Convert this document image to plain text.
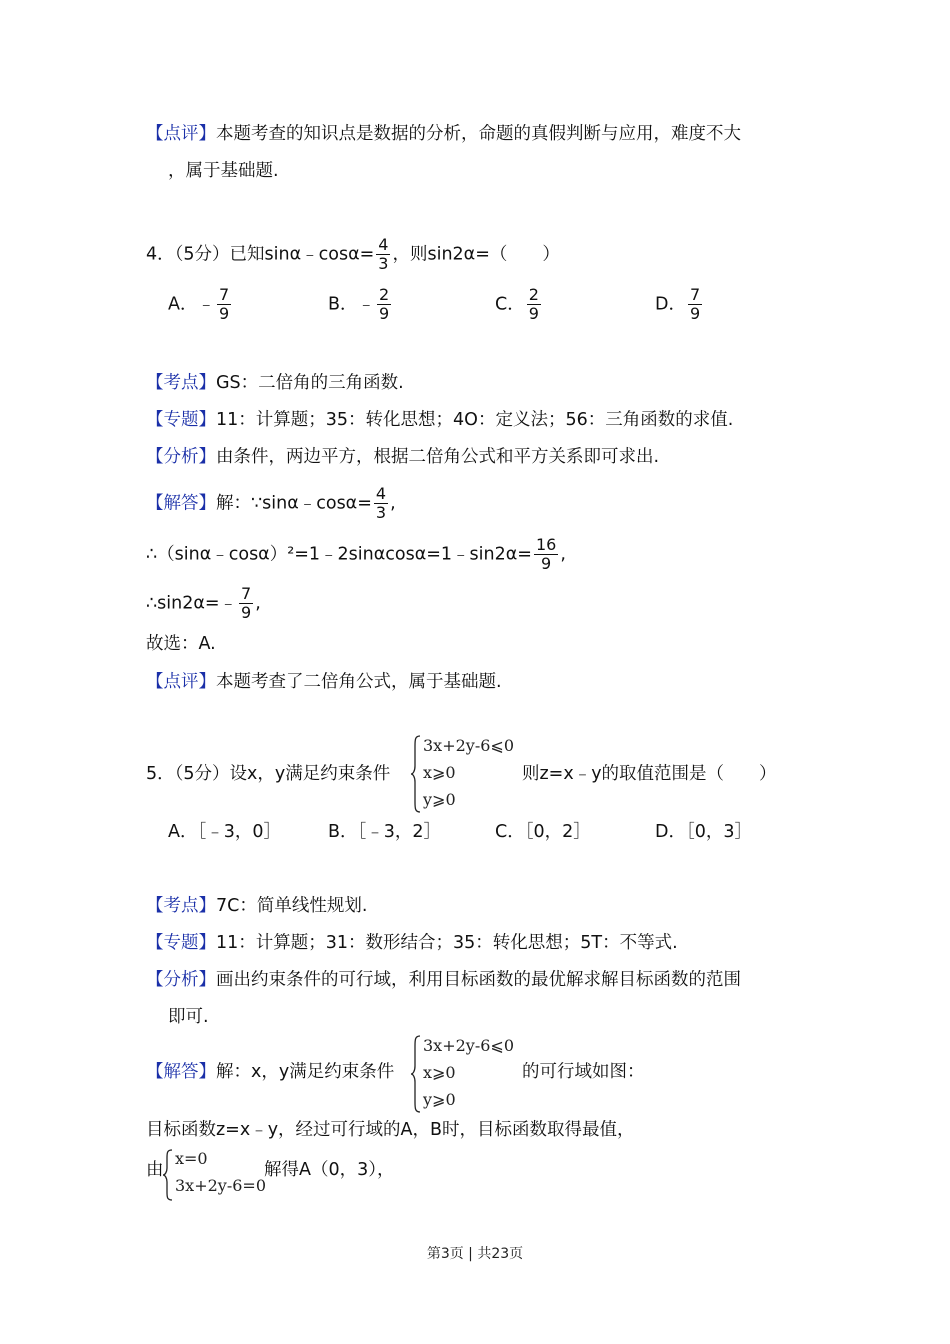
【点评】本题考查的知识点是数据的分析，命题的真假判断与应用，难度不大
，属于基础题.
4．（5分）已知sinα﹣cosα= $\frac{4}{3}$ ，则sin2α=（　　）
A．﹣ $\frac{7}{9}$	B．﹣ $\frac{2}{9}$	C． $\frac{2}{9}$	D． $\frac{7}{9}$
【考点】GS：二倍角的三角函数.
【专题】11：计算题；35：转化思想；4O：定义法；56：三角函数的求值.
【分析】由条件，两边平方，根据二倍角公式和平方关系即可求出.
【解答】解：∵sinα﹣cosα= $\frac{4}{3}$ ,
∴（sinα﹣cosα）²=1﹣2sinαcosα=1﹣sin2α= $\frac{16}{9}$ ,
∴sin2α=﹣ $\frac{7}{9}$ ,
故选：A.
【点评】本题考查了二倍角公式，属于基础题.
5．（5分）设x，y满足约束条件
3x+2y-6⩽0
x⩾0
y⩾0
则z=x﹣y的取值范围是（　　）
A．［﹣3，0］	B．［﹣3，2］	C．［0，2］	D．［0，3］
【考点】7C：简单线性规划.
【专题】11：计算题；31：数形结合；35：转化思想；5T：不等式.
【分析】画出约束条件的可行域，利用目标函数的最优解求解目标函数的范围
即可.
【解答】解：x，y满足约束条件
3x+2y-6⩽0
x⩾0
y⩾0
的可行域如图：
目标函数z=x﹣y，经过可行域的A，B时，目标函数取得最值，
由
x=0
3x+2y-6=0
解得A（0，3），
第3页 | 共23页
